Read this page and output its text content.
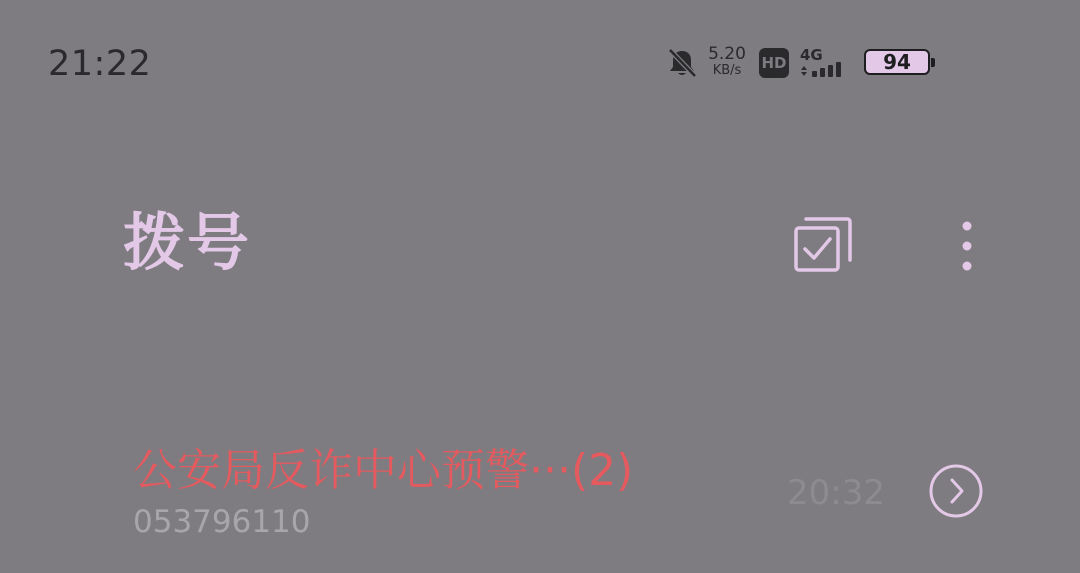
21:22	5.20
KB/s	HD 4G	94
拨号
公安局反诈中心预警···(2)
053796110
20:32
